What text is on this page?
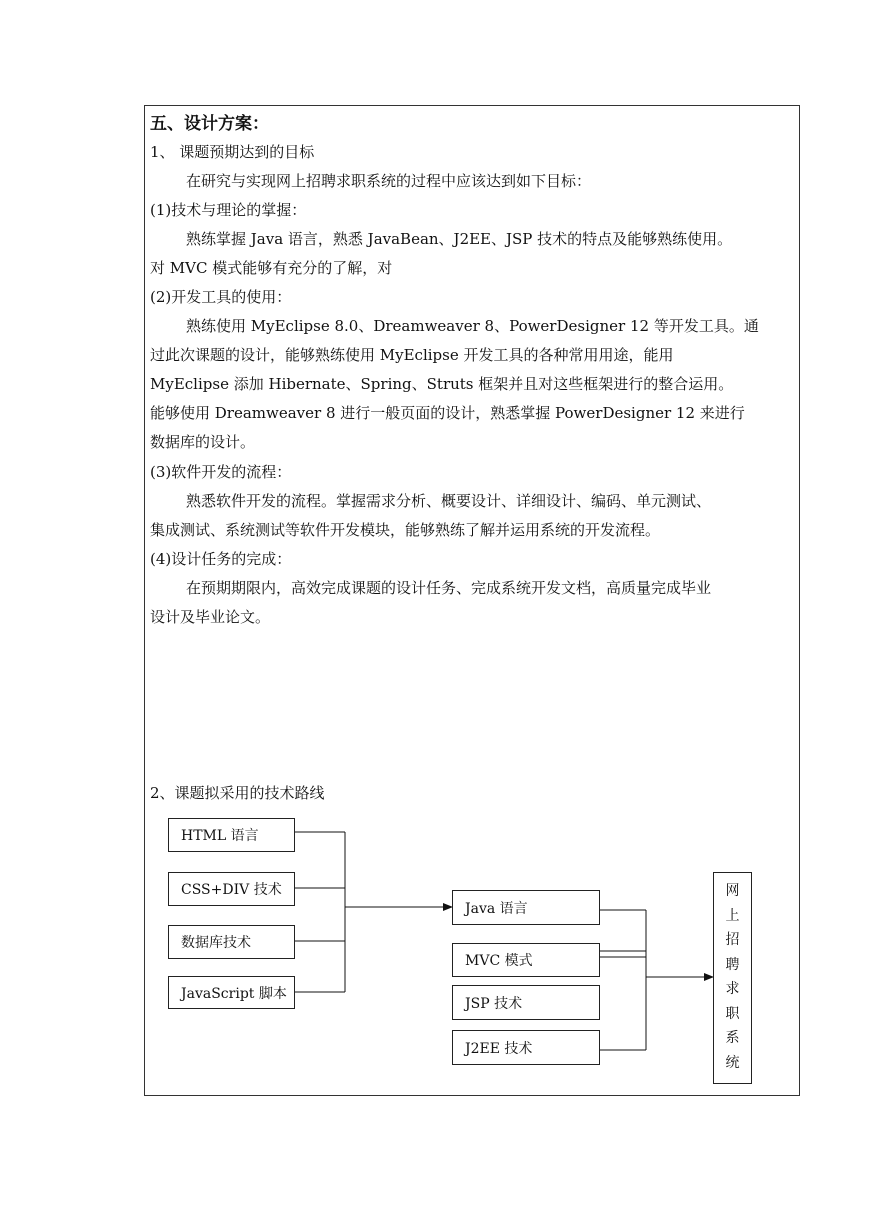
五、设计方案：
1、 课题预期达到的目标
在研究与实现网上招聘求职系统的过程中应该达到如下目标：
(1)技术与理论的掌握：
熟练掌握 Java 语言，熟悉 JavaBean、J2EE、JSP 技术的特点及能够熟练使用。
对 MVC 模式能够有充分的了解，对
(2)开发工具的使用：
熟练使用 MyEclipse 8.0、Dreamweaver 8、PowerDesigner 12 等开发工具。通
过此次课题的设计，能够熟练使用 MyEclipse 开发工具的各种常用用途，能用
MyEclipse 添加 Hibernate、Spring、Struts 框架并且对这些框架进行的整合运用。
能够使用 Dreamweaver 8 进行一般页面的设计，熟悉掌握 PowerDesigner 12 来进行
数据库的设计。
(3)软件开发的流程：
熟悉软件开发的流程。掌握需求分析、概要设计、详细设计、编码、单元测试、
集成测试、系统测试等软件开发模块，能够熟练了解并运用系统的开发流程。
(4)设计任务的完成：
在预期期限内，高效完成课题的设计任务、完成系统开发文档，高质量完成毕业
设计及毕业论文。
2、课题拟采用的技术路线
HTML 语言
CSS+DIV 技术
数据库技术
JavaScript 脚本
Java 语言
MVC 模式
JSP 技术
J2EE 技术
网
上
招
聘
求
职
系
统
